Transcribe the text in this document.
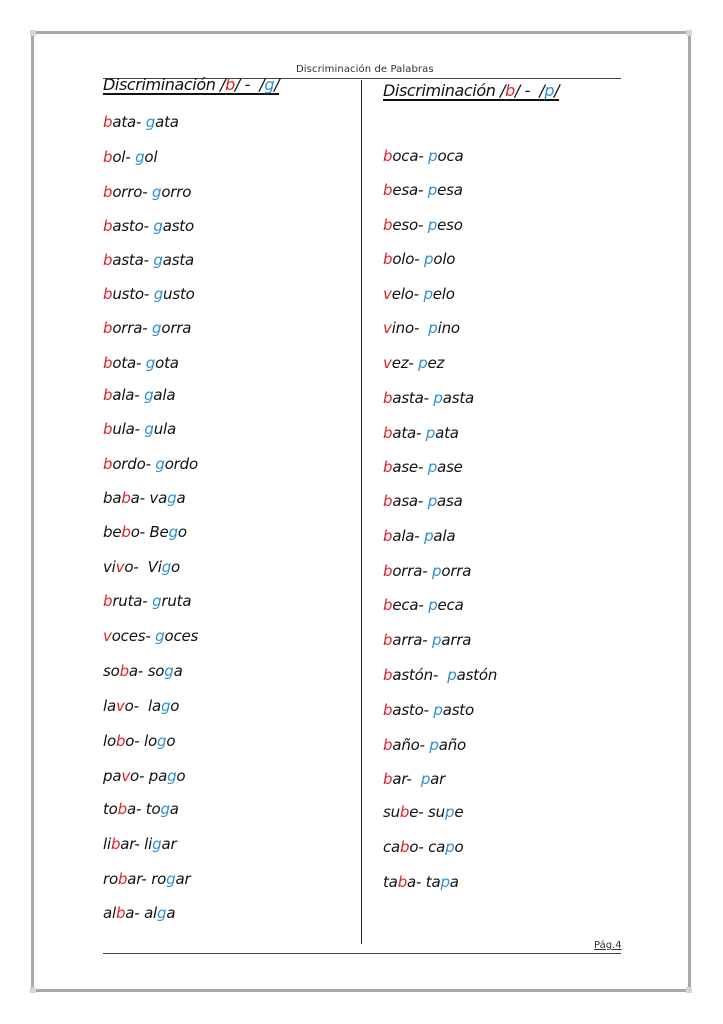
Discriminación de Palabras
Discriminación /b/ -  /g/	Discriminación /b/ -  /p/
bata- gata
bol- gol
borro- gorro
basto- gasto
basta- gasta
busto- gusto
borra- gorra
bota- gota
bala- gala
bula- gula
bordo- gordo
baba- vaga
bebo- Bego
vivo-  Vigo
bruta- gruta
voces- goces
soba- soga
lavo-  lago
lobo- logo
pavo- pago
toba- toga
libar- ligar
robar- rogar
alba- alga
boca- poca
besa- pesa
beso- peso
bolo- polo
velo- pelo
vino-  pino
vez- pez
basta- pasta
bata- pata
base- pase
basa- pasa
bala- pala
borra- porra
beca- peca
barra- parra
bastón-  pastón
basto- pasto
baño- paño
bar-  par
sube- supe
cabo- capo
taba- tapa
Pág.4
